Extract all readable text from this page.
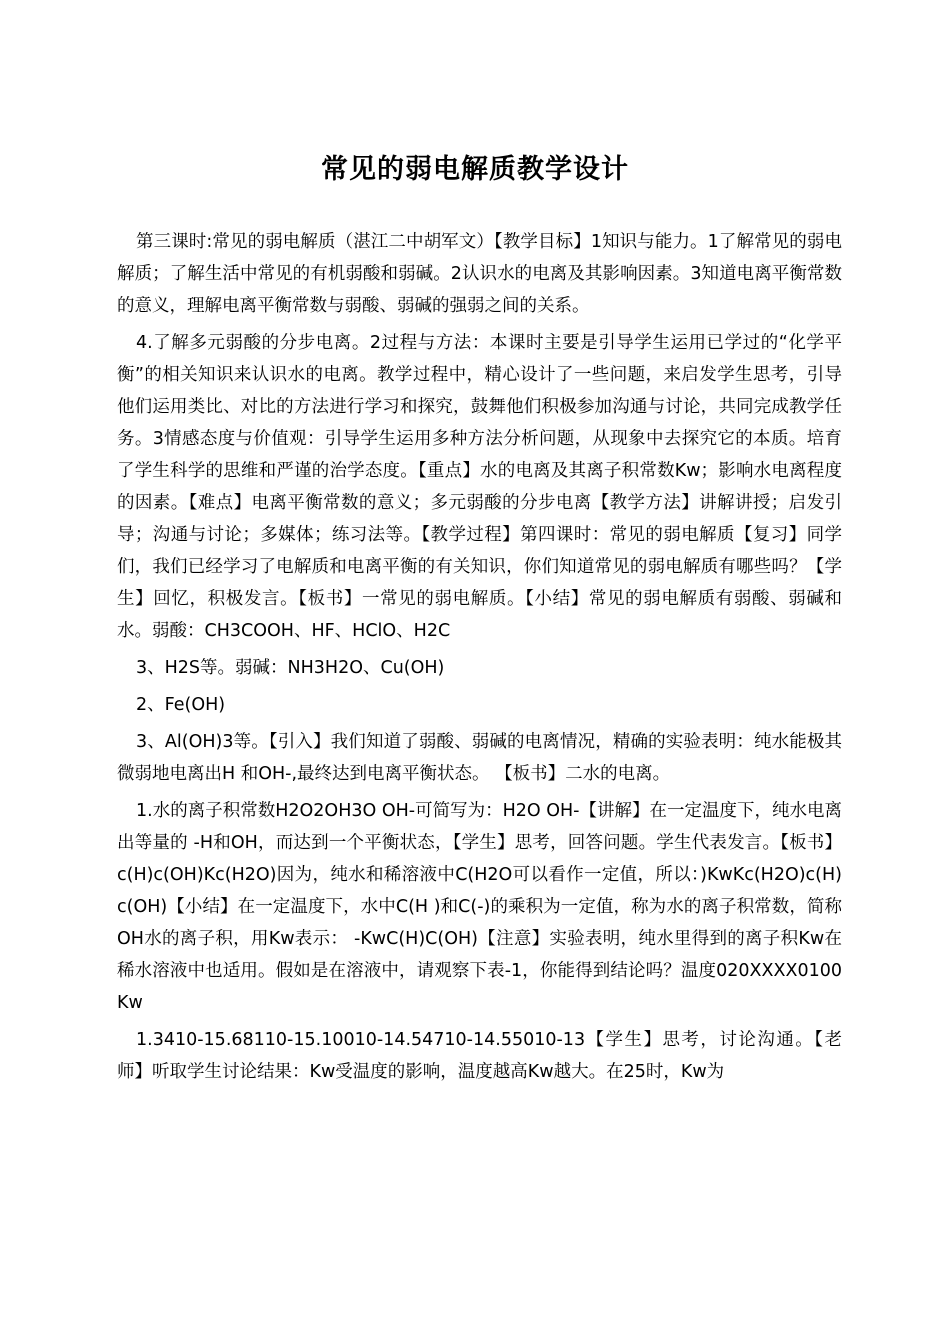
常见的弱电解质教学设计

第三课时:常见的弱电解质（湛江二中胡军文）【教学目标】1知识与能力。1了解常见的弱电解质；了解生活中常见的有机弱酸和弱碱。2认识水的电离及其影响因素。3知道电离平衡常数的意义，理解电离平衡常数与弱酸、弱碱的强弱之间的关系。

4.了解多元弱酸的分步电离。2过程与方法：本课时主要是引导学生运用已学过的“化学平衡”的相关知识来认识水的电离。教学过程中，精心设计了一些问题，来启发学生思考，引导他们运用类比、对比的方法进行学习和探究，鼓舞他们积极参加沟通与讨论，共同完成教学任务。3情感态度与价值观：引导学生运用多种方法分析问题，从现象中去探究它的本质。培育了学生科学的思维和严谨的治学态度。【重点】水的电离及其离子积常数Kw；影响水电离程度的因素。【难点】电离平衡常数的意义；多元弱酸的分步电离【教学方法】讲解讲授；启发引导；沟通与讨论；多媒体；练习法等。【教学过程】第四课时：常见的弱电解质【复习】同学们，我们已经学习了电解质和电离平衡的有关知识，你们知道常见的弱电解质有哪些吗？【学生】回忆，积极发言。【板书】一常见的弱电解质。【小结】常见的弱电解质有弱酸、弱碱和水。弱酸：CH3COOH、HF、HClO、H2C

3、H2S等。弱碱：NH3H2O、Cu(OH)

2、Fe(OH)

3、Al(OH)3等。【引入】我们知道了弱酸、弱碱的电离情况，精确的实验表明：纯水能极其微弱地电离出H 和OH-,最终达到电离平衡状态。 【板书】二水的电离。

1.水的离子积常数H2O2OH3O OH-可简写为：H2O OH-【讲解】在一定温度下，纯水电离出等量的 -H和OH，而达到一个平衡状态，【学生】思考，回答问题。学生代表发言。【板书】c(H)c(OH)Kc(H2O)因为，纯水和稀溶液中C(H2O可以看作一定值，所以：)KwKc(H2O)c(H)c(OH)【小结】在一定温度下，水中C(H )和C(-)的乘积为一定值，称为水的离子积常数，简称OH水的离子积，用Kw表示： -KwC(H)C(OH)【注意】实验表明，纯水里得到的离子积Kw在稀水溶液中也适用。假如是在溶液中，请观察下表-1，你能得到结论吗？温度020XXXX0100Kw

1.3410-15.68110-15.10010-14.54710-14.55010-13【学生】思考，讨论沟通。【老师】听取学生讨论结果：Kw受温度的影响，温度越高Kw越大。在25时，Kw为
